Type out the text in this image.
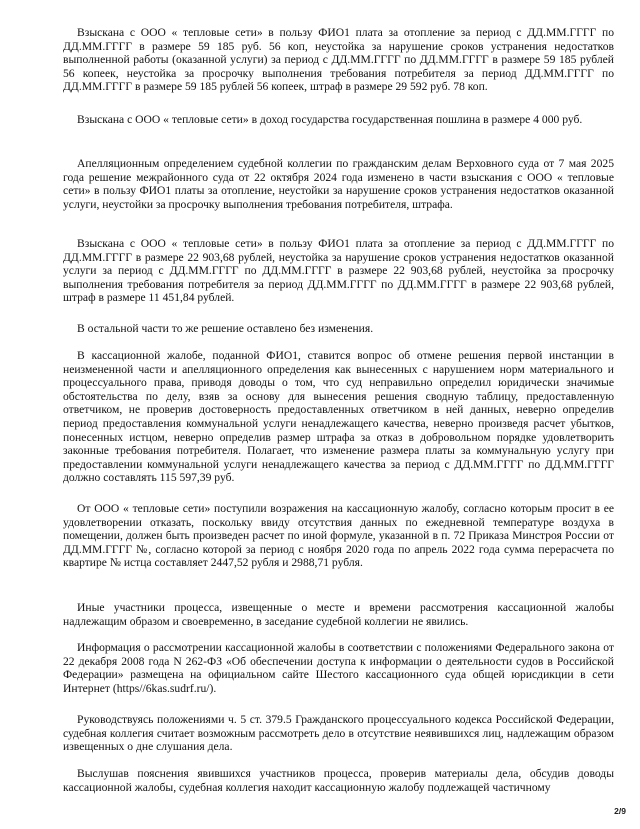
Взыскана с ООО « тепловые сети» в пользу ФИО1 плата за отопление за период с ДД.ММ.ГГГГ по ДД.ММ.ГГГГ в размере 59 185 руб. 56 коп, неустойка за нарушение сроков устранения недостатков выполненной работы (оказанной услуги) за период с ДД.ММ.ГГГГ по ДД.ММ.ГГГГ в размере 59 185 рублей 56 копеек, неустойка за просрочку выполнения требования потребителя за период ДД.ММ.ГГГГ по ДД.ММ.ГГГГ в размере 59 185 рублей 56 копеек, штраф в размере 29 592 руб. 78 коп.

Взыскана с ООО « тепловые сети» в доход государства государственная пошлина в размере 4 000 руб.

Апелляционным определением судебной коллегии по гражданским делам Верховного суда от 7 мая 2025 года решение межрайонного суда от 22 октября 2024 года изменено в части взыскания с ООО « тепловые сети» в пользу ФИО1 платы за отопление, неустойки за нарушение сроков устранения недостатков оказанной услуги, неустойки за просрочку выполнения требования потребителя, штрафа.

Взыскана с ООО « тепловые сети» в пользу ФИО1 плата за отопление за период с ДД.ММ.ГГГГ по ДД.ММ.ГГГГ в размере 22 903,68 рублей, неустойка за нарушение сроков устранения недостатков оказанной услуги за период с ДД.ММ.ГГГГ по ДД.ММ.ГГГГ в размере 22 903,68 рублей, неустойка за просрочку выполнения требования потребителя за период ДД.ММ.ГГГГ по ДД.ММ.ГГГГ в размере 22 903,68 рублей, штраф в размере 11 451,84 рублей.

В остальной части то же решение оставлено без изменения.

В кассационной жалобе, поданной ФИО1, ставится вопрос об отмене решения первой инстанции в неизмененной части и апелляционного определения как вынесенных с нарушением норм материального и процессуального права, приводя доводы о том, что суд неправильно определил юридически значимые обстоятельства по делу, взяв за основу для вынесения решения сводную таблицу, предоставленную ответчиком, не проверив достоверность предоставленных ответчиком в ней данных, неверно определив период предоставления коммунальной услуги ненадлежащего качества, неверно произведя расчет убытков, понесенных истцом, неверно определив размер штрафа за отказ в добровольном порядке удовлетворить законные требования потребителя. Полагает, что изменение размера платы за коммунальную услугу при предоставлении коммунальной услуги ненадлежащего качества за период с ДД.ММ.ГГГГ по ДД.ММ.ГГГГ должно составлять 115 597,39 руб.

От ООО « тепловые сети» поступили возражения на кассационную жалобу, согласно которым просит в ее удовлетворении отказать, поскольку ввиду отсутствия данных по ежедневной температуре воздуха в помещении, должен быть произведен расчет по иной формуле, указанной в п. 72 Приказа Минстроя России от ДД.ММ.ГГГГ №, согласно которой за период с ноября 2020 года по апрель 2022 года сумма перерасчета по квартире № истца составляет 2447,52 рубля и 2988,71 рубля.

Иные участники процесса, извещенные о месте и времени рассмотрения кассационной жалобы надлежащим образом и своевременно, в заседание судебной коллегии не явились.

Информация о рассмотрении кассационной жалобы в соответствии с положениями Федерального закона от 22 декабря 2008 года N 262-ФЗ «Об обеспечении доступа к информации о деятельности судов в Российской Федерации» размещена на официальном сайте Шестого кассационного суда общей юрисдикции в сети Интернет (https//6kas.sudrf.ru/).

Руководствуясь положениями ч. 5 ст. 379.5 Гражданского процессуального кодекса Российской Федерации, судебная коллегия считает возможным рассмотреть дело в отсутствие неявившихся лиц, надлежащим образом извещенных о дне слушания дела.

Выслушав пояснения явившихся участников процесса, проверив материалы дела, обсудив доводы кассационной жалобы, судебная коллегия находит кассационную жалобу подлежащей частичному

2/9
